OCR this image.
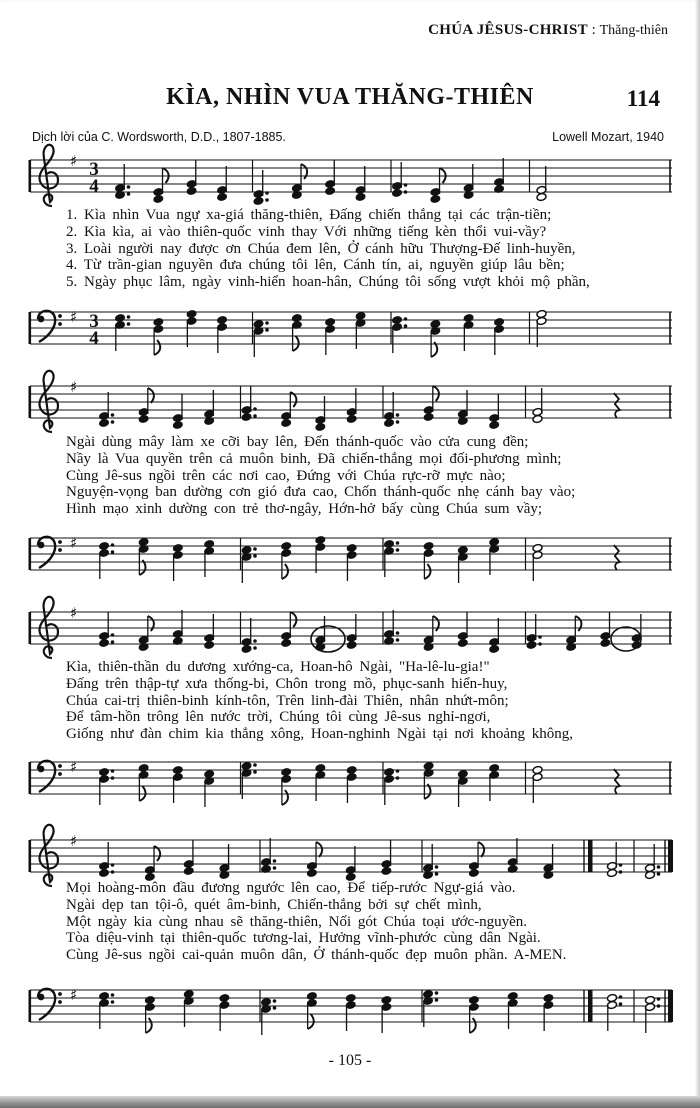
CHÚA JÊSUS-CHRIST : Thăng-thiên
KÌA, NHÌN VUA THĂNG-THIÊN	114
Dịch lời của C. Wordsworth, D.D., 1807-1885.	Lowell Mozart, 1940
♯ 3
4

1. Kìa nhìn Vua ngự xa-giá thăng-thiên, Đấng chiến thắng tại các trận-tiền;

2. Kìa kìa, ai vào thiên-quốc vinh thay Với những tiếng kèn thổi vui-vầy?

3. Loài người nay được ơn Chúa đem lên, Ở cánh hữu Thượng-Đế linh-huyền,

4. Từ trần-gian nguyền đưa chúng tôi lên, Cánh tín, ai, nguyền giúp lâu bền;

5. Ngày phục lâm, ngày vinh-hiển hoan-hân, Chúng tôi sống vượt khỏi mộ phần,

♯ 3
4
♯

Ngài dùng mây làm xe cỡi bay lên, Đến thánh-quốc vào cửa cung đền;

Nầy là Vua quyền trên cả muôn binh, Đã chiến-thắng mọi đối-phương mình;

Cùng Jê-sus ngồi trên các nơi cao, Đứng với Chúa rực-rỡ mực nào;

Nguyện-vọng ban dường cơn gió đưa cao, Chốn thánh-quốc nhẹ cánh bay vào;

Hình mạo xinh dường con trẻ thơ-ngây, Hớn-hở bấy cùng Chúa sum vầy;

♯
♯

Kìa, thiên-thần du dương xướng-ca, Hoan-hô Ngài, "Ha-lê-lu-gia!"

Đấng trên thập-tự xưa thống-bi, Chôn trong mồ, phục-sanh hiển-huy,

Chúa cai-trị thiên-binh kính-tôn, Trên linh-đài Thiên, nhân nhứt-môn;

Để tâm-hồn trông lên nước trời, Chúng tôi cùng Jê-sus nghỉ-ngơi,

Giống như đàn chim kia thẳng xông, Hoan-nghinh Ngài tại nơi khoảng không,

♯
♯

Mọi hoàng-môn đầu đương ngước lên cao, Để tiếp-rước Ngự-giá vào.

Ngài dẹp tan tội-ô, quét âm-binh, Chiến-thắng bởi sự chết mình,

Một ngày kia cùng nhau sẽ thăng-thiên, Nối gót Chúa toại ước-nguyền.

Tòa diệu-vinh tại thiên-quốc tương-lai, Hưởng vĩnh-phước cùng dân Ngài.

Cùng Jê-sus ngồi cai-quản muôn dân, Ở thánh-quốc đẹp muôn phần. A-MEN.

♯
- 105 -
